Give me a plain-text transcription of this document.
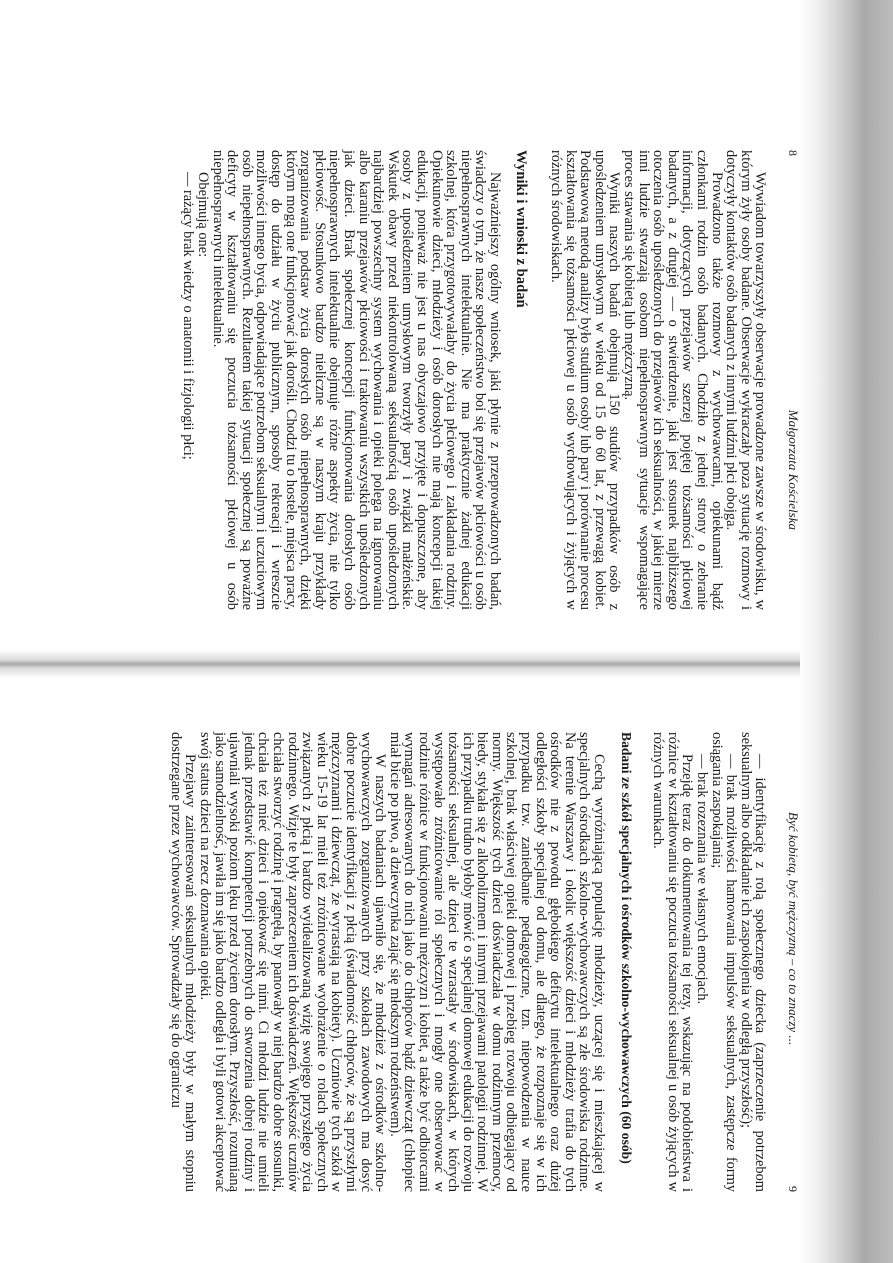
8
Małgorzata Kościelska

Wywiadom towarzyszyły obserwacje prowadzone zawsze w środowisku, w którym żyły osoby badane. Obserwacje wykraczały poza sytuację rozmowy i dotyczyły kontaktów osób badanych z innymi ludźmi płci obojga.

Prowadzono także rozmowy z wychowawcami, opiekunami bądź członkami rodzin osób badanych. Chodziło z jednej strony o zebranie informacji, dotyczących przejawów szerzej pojętej tożsamości płciowej badanych, a z drugiej — o stwierdzenie, jaki jest stosunek najbliższego otoczenia osób upośledzonych do przejawów ich seksualności, w jakiej mierze inni ludzie stwarzają osobom niepełnosprawnym sytuacje wspomagające proces stawania się kobietą lub mężczyzną.

Wyniki naszych badań obejmują 150 studiów przypadków osób z upośledzeniem umysłowym w wieku od 15 do 60 lat, z przewagą kobiet. Podstawową metodą analizy było studium osoby lub pary i porównanie procesu kształtowania się tożsamości płciowej u osób wychowujących i żyjących w różnych środowiskach.

Wyniki i wnioski z badań

Najważniejszy ogólny wniosek, jaki płynie z przeprowadzonych badań, świadczy o tym, że nasze społeczeństwo boi się przejawów płciowości u osób niepełnosprawnych intelektualnie. Nie ma praktycznie żadnej edukacji szkolnej, która przygotowywałaby do życia płciowego i zakładania rodziny. Opiekunowie dzieci, młodzieży i osób dorosłych nie mają koncepcji takiej edukacji, ponieważ nie jest u nas obyczajowo przyjęte i dopuszczone, aby osoby z upośledzeniem umysłowym tworzyły pary i związki małżeńskie. Wskutek obawy przed niekontrolowaną seksualnością osób upośledzonych najbardziej powszechny system wychowania i opieki polega na ignorowaniu albo karaniu przejawów płciowości i traktowaniu wszystkich upośledzonych jak dzieci. Brak społecznej koncepcji funkcjonowania dorosłych osób niepełnosprawnych intelektualnie obejmuje różne aspekty życia, nie tylko płciowość. Stosunkowo bardzo nieliczne są w naszym kraju przykłady zorganizowania podstaw życia dorosłych osób niepełnosprawnych, dzięki którym mogą one funkcjonować jak dorośli. Chodzi tu o hostele, miejsca pracy, dostęp do udziału w życiu publicznym, sposoby rekreacji i wreszcie możliwości innego bycia, odpowiadające potrzebom seksualnym i uczuciowym osób niepełnosprawnych. Rezultatem takiej sytuacji społecznej są poważne deficyty w kształtowaniu się poczucia tożsamości płciowej u osób niepełnosprawnych intelektualnie.

Obejmują one:

— rażący brak wiedzy o anatomii i fizjologii płci;

Być kobietą, być mężczyzną – co to znaczy ...
9

— identyfikację z rolą społecznego dziecka (zaprzeczenie potrzebom seksualnym albo odkładanie ich zaspokojenia w odległą przyszłość);

— brak możliwości hamowania impulsów seksualnych, zastępcze formy osiągania zaspokajania;

— brak rozeznania we własnych emocjach.

Przejdę teraz do dokumentowania tej tezy, wskazując na podobieństwa i różnice w kształtowaniu się poczucia tożsamości seksualnej u osób żyjących w różnych warunkach.

Badani ze szkół specjalnych i ośrodków szkolno-wychowawczych (60 osób)

Cechą wyróżniającą populację młodzieży, uczącej się i mieszkającej w specjalnych ośrodkach szkolno-wychowawczych są złe środowiska rodzinne. Na terenie Warszawy i okolic większość dzieci i młodzieży trafia do tych ośrodków nie z powodu głębokiego deficytu intelektualnego oraz dużej odległości szkoły specjalnej od domu, ale dlatego, że rozpoznaje się w ich przypadku tzw. zaniedbanie pedagogiczne, tzn. niepowodzenia w nauce szkolnej, brak właściwej opieki domowej i przebieg rozwoju odbiegający od normy. Większość tych dzieci doświadczała w domu rodzinnym przemocy, biedy, stykała się z alkoholizmem i innymi przejawami patologii rodzinnej. W ich przypadku trudno byłoby mówić o specjalnej domowej edukacji do rozwoju tożsamości seksualnej, ale dzieci te wzrastały w środowiskach, w których występowało zróżnicowanie ról społecznych i mogły one obserwować w rodzinie różnice w funkcjonowaniu mężczyzn i kobiet, a także być odbiorcami wymagań adresowanych do nich jako do chłopców bądź dziewcząt (chłopiec miał bicie po piwo, a dziewczynka zająć się młodszym rodzeństwem).

W naszych badaniach ujawniło się, że młodzież z ośrodków szkolno-wychowawczych zorganizowanych przy szkołach zawodowych ma dosyć dobre poczucie identyfikacji z płcią (świadomość chłopców, że są przyszłymi mężczyznami i dziewcząt, że wyrastają na kobiety). Uczniowie tych szkół w wieku 15-19 lat mieli też zróżnicowane wyobrażenie o rolach społecznych związanych z płcią i bardzo wyidealizowaną wizję swojego przyszłego życia rodzinnego. Wizje te były zaprzeczeniem ich doświadczeń. Większość uczniów chciała stworzyć rodzinę i pragnęła, by panowały w niej bardzo dobre stosunki, chciała też mieć dzieci i opiekować się nimi. Ci młodzi ludzie nie umieli jednak przedstawić kompetencji potrzebnych do stworzenia dobrej rodziny i ujawniali wysoki poziom lęku przed życiem dorosłym. Przyszłość, rozumianą jako samodzielność, jawiła im się jako bardzo odległa i byli gotowi akceptować swój status dzieci na rzecz doznawania opieki.

Przejawy zainteresowań seksualnych młodzieży były w małym stopniu dostrzegane przez wychowawców. Sprowadzały się do ograniczu
